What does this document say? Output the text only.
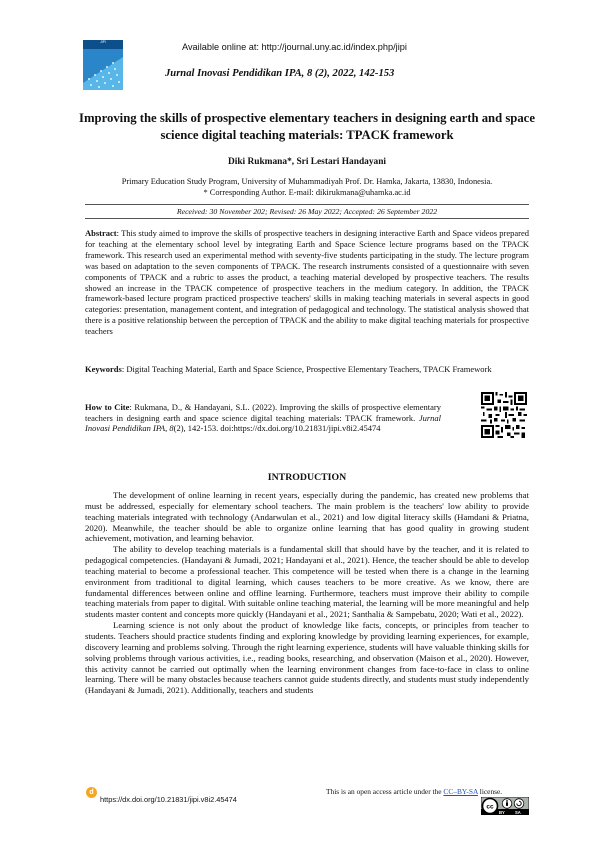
JIPI	Available online at: http://journal.uny.ac.id/index.php/jipi
Jurnal Inovasi Pendidikan IPA, 8 (2), 2022, 142-153
Improving the skills of prospective elementary teachers in designing earth and space science digital teaching materials: TPACK framework
Diki Rukmana*, Sri Lestari Handayani
Primary Education Study Program, University of Muhammadiyah Prof. Dr. Hamka, Jakarta, 13830, Indonesia.
* Corresponding Author. E-mail: dikirukmana@uhamka.ac.id
Received: 30 November 202; Revised: 26 May 2022; Accepted: 26 September 2022
Abstract: This study aimed to improve the skills of prospective teachers in designing interactive Earth and Space videos prepared for teaching at the elementary school level by integrating Earth and Space Science lecture programs based on the TPACK framework. This research used an experimental method with seventy-five students participating in the study. The lecture program was based on adaptation to the seven components of TPACK. The research instruments consisted of a questionnaire with seven components of TPACK and a rubric to asses the product, a teaching material developed by prospective teachers. The results showed an increase in the TPACK competence of prospective teachers in the medium category. In addition, the TPACK framework-based lecture program practiced prospective teachers' skills in making teaching materials in several aspects in good categories: presentation, management content, and integration of pedagogical and technology. The statistical analysis showed that there is a positive relationship between the perception of TPACK and the ability to make digital teaching materials for prospective teachers
Keywords: Digital Teaching Material, Earth and Space Science, Prospective Elementary Teachers, TPACK Framework
How to Cite: Rukmana, D., & Handayani, S.L. (2022). Improving the skills of prospective elementary teachers in designing earth and space science digital teaching materials: TPACK framework. Jurnal Inovasi Pendidikan IPA, 8(2), 142-153. doi:https://dx.doi.org/10.21831/jipi.v8i2.45474
INTRODUCTION

The development of online learning in recent years, especially during the pandemic, has created new problems that must be addressed, especially for elementary school teachers. The main problem is the teachers' low ability to provide teaching materials integrated with technology (Andarwulan et al., 2021) and low digital literacy skills (Hamdani & Priatna, 2020). Meanwhile, the teacher should be able to organize online learning that has good quality in growing student achievement, motivation, and learning behavior.

The ability to develop teaching materials is a fundamental skill that should have by the teacher, and it is related to pedagogical competencies. (Handayani & Jumadi, 2021; Handayani et al., 2021). Hence, the teacher should be able to develop teaching material to become a professional teacher. This competence will be tested when there is a change in the learning environment from traditional to digital learning, which causes teachers to be more creative. As we know, there are fundamental differences between online and offline learning. Furthermore, teachers must improve their ability to compile teaching materials from paper to digital. With suitable online teaching material, the learning will be more meaningful and help students master content and concepts more quickly (Handayani et al., 2021; Santhalia & Sampebatu, 2020; Wati et al., 2022).

Learning science is not only about the product of knowledge like facts, concepts, or principles from teacher to students. Teachers should practice students finding and exploring knowledge by providing learning experiences, for example, discovery learning and problems solving. Through the right learning experience, students will have valuable thinking skills for solving problems through various activities, i.e., reading books, researching, and observation (Maison et al., 2020). However, this activity cannot be carried out optimally when the learning environment changes from face-to-face in class to online learning. There will be many obstacles because teachers cannot guide students directly, and students must study independently (Handayani & Jumadi, 2021). Additionally, teachers and students

d
https://dx.doi.org/10.21831/jipi.v8i2.45474
This is an open access article under the CC–BY-SA license.
cc
BY SA
